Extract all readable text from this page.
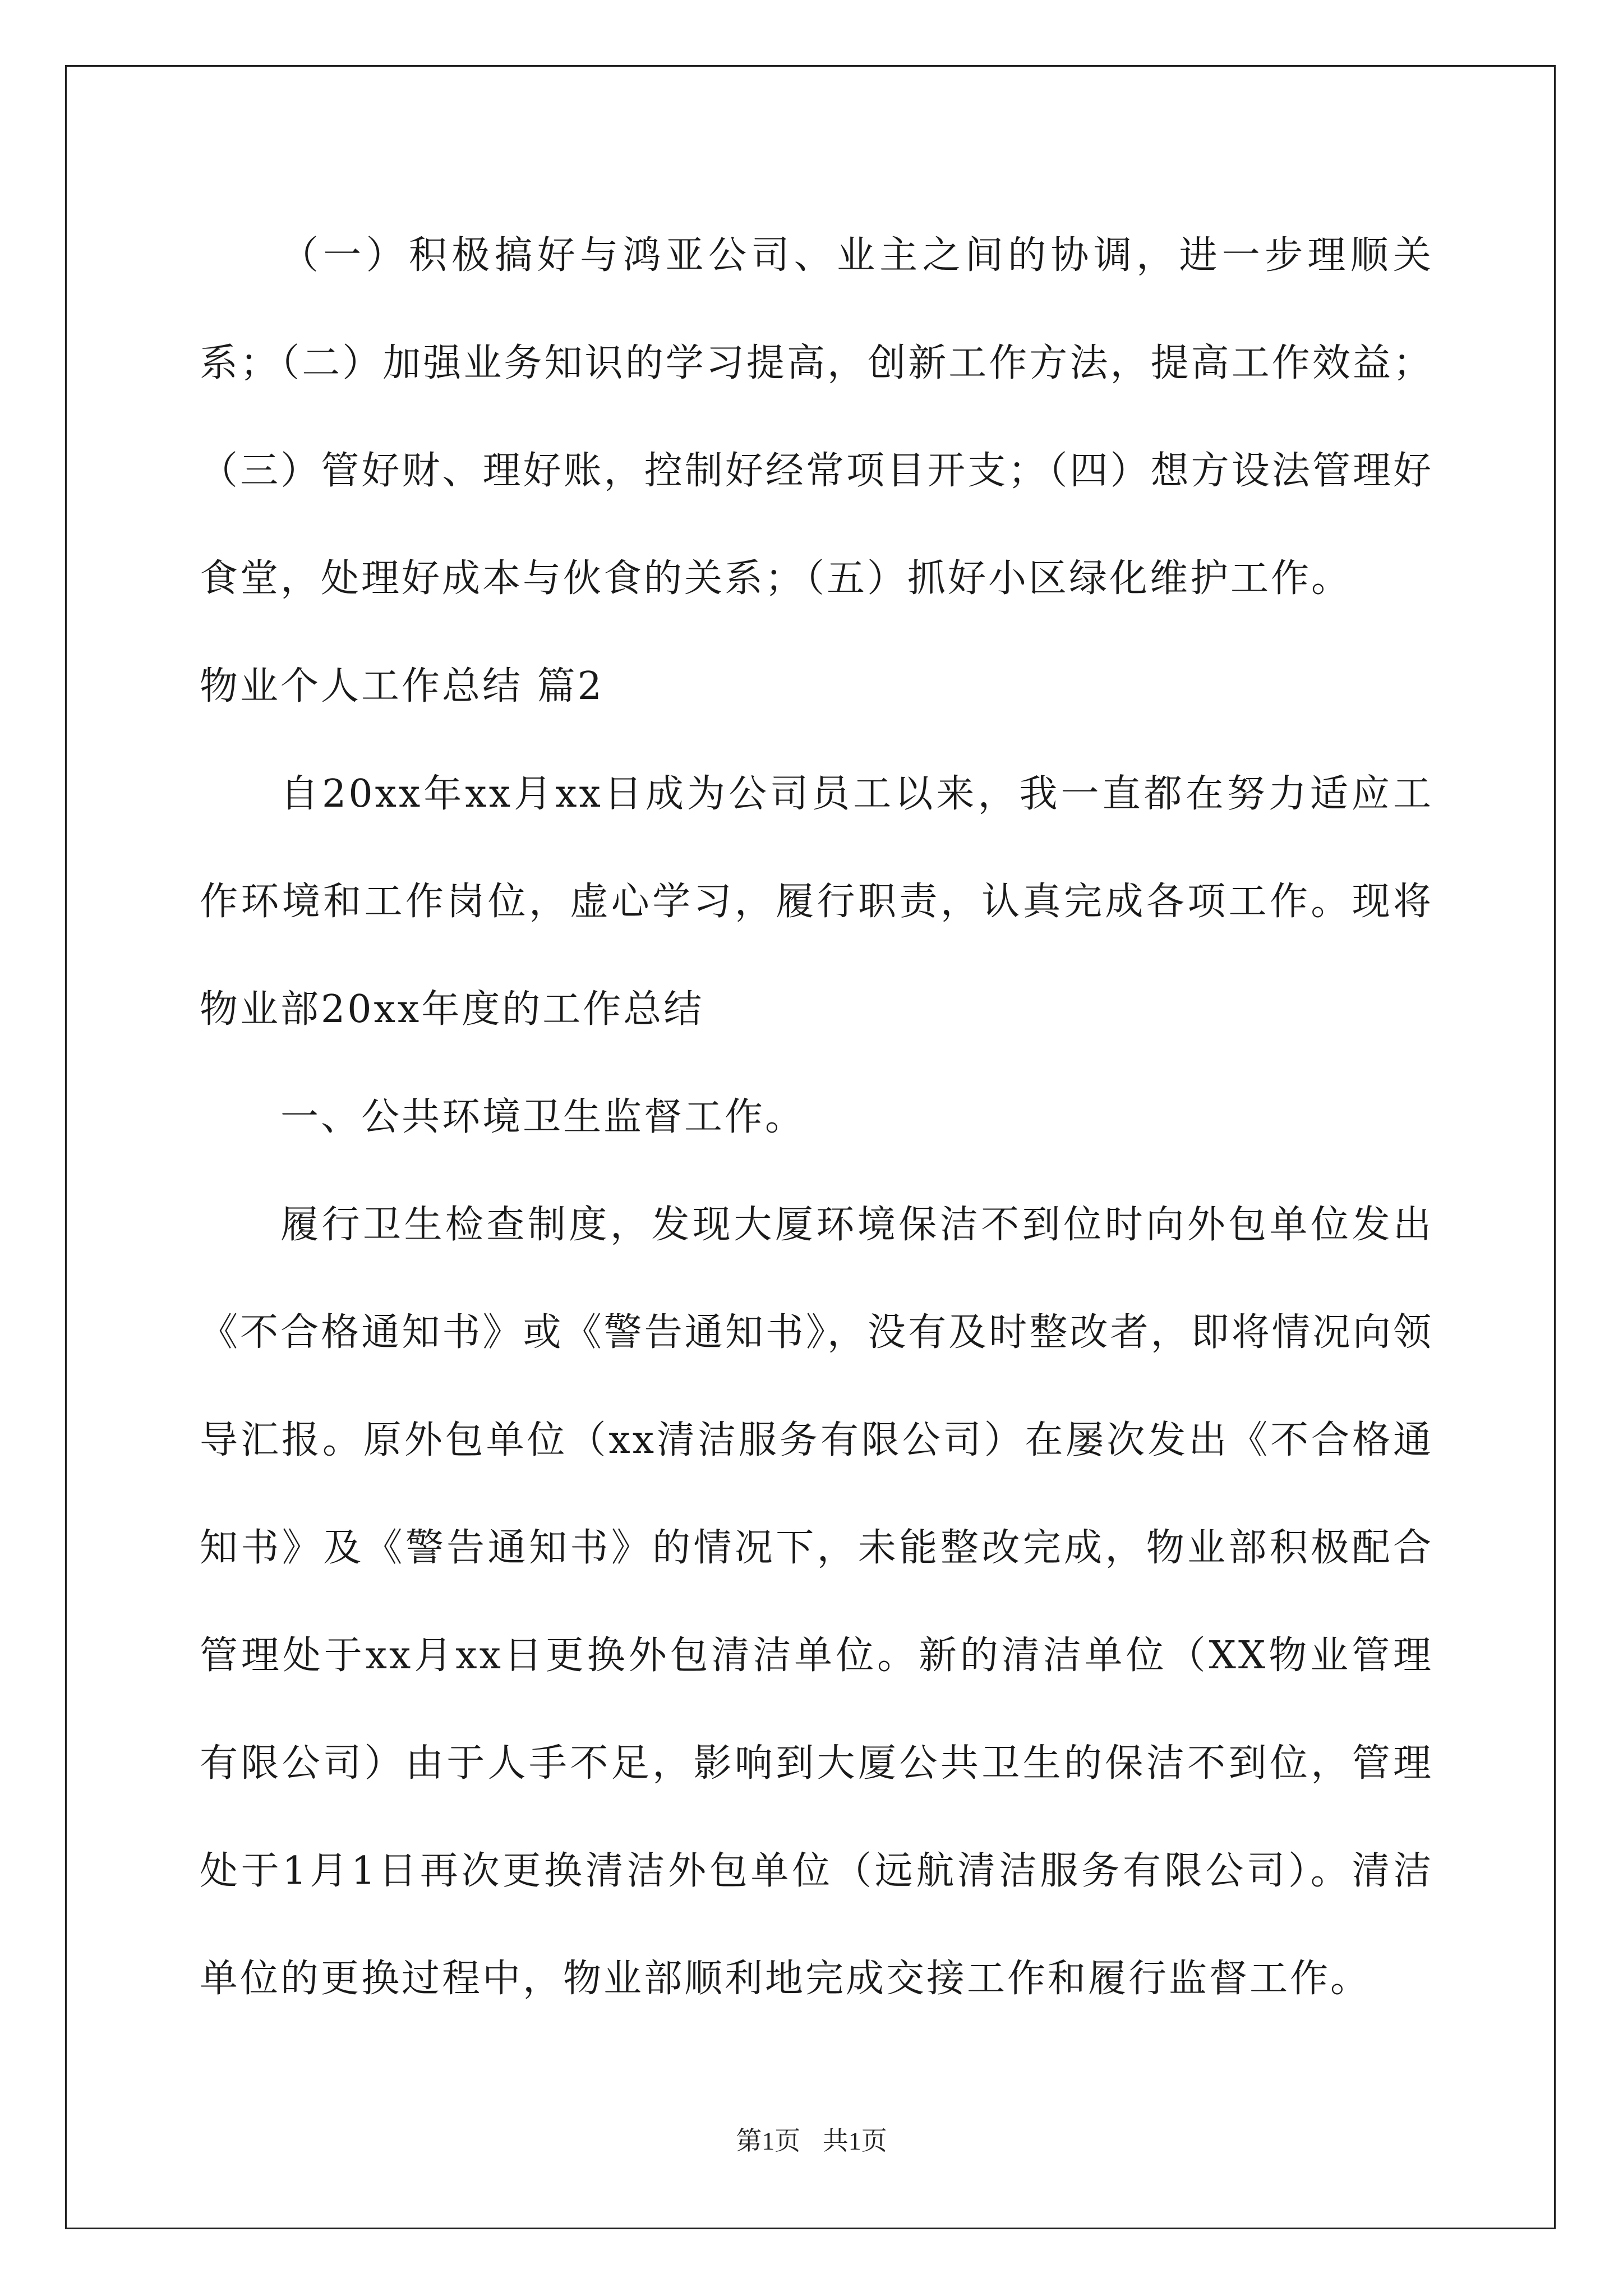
（一）积极搞好与鸿亚公司、业主之间的协调，进一步理顺关系；（二）加强业务知识的学习提高，创新工作方法，提高工作效益；（三）管好财、理好账，控制好经常项目开支；（四）想方设法管理好食堂，处理好成本与伙食的关系；（五）抓好小区绿化维护工作。

物业个人工作总结 篇2

自20xx年xx月xx日成为公司员工以来，我一直都在努力适应工作环境和工作岗位，虚心学习，履行职责，认真完成各项工作。现将物业部20xx年度的工作总结

一、公共环境卫生监督工作。

履行卫生检查制度，发现大厦环境保洁不到位时向外包单位发出《不合格通知书》或《警告通知书》，没有及时整改者，即将情况向领导汇报。原外包单位（xx清洁服务有限公司）在屡次发出《不合格通知书》及《警告通知书》的情况下，未能整改完成，物业部积极配合管理处于xx月xx日更换外包清洁单位。新的清洁单位（XX物业管理有限公司）由于人手不足，影响到大厦公共卫生的保洁不到位，管理处于1月1日再次更换清洁外包单位（远航清洁服务有限公司）。清洁单位的更换过程中，物业部顺利地完成交接工作和履行监督工作。

第1页 共1页
